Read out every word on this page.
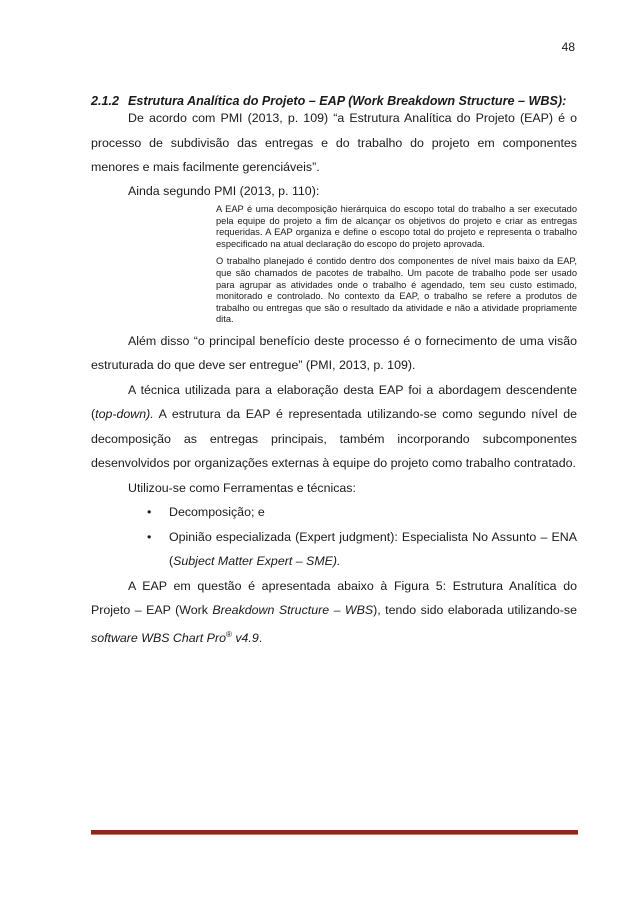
48
2.1.2 Estrutura Analítica do Projeto – EAP (Work Breakdown Structure – WBS):

De acordo com PMI (2013, p. 109) “a Estrutura Analítica do Projeto (EAP) é o processo de subdivisão das entregas e do trabalho do projeto em componentes menores e mais facilmente gerenciáveis”.

Ainda segundo PMI (2013, p. 110):

A EAP é uma decomposição hierárquica do escopo total do trabalho a ser executado pela equipe do projeto a fim de alcançar os objetivos do projeto e criar as entregas requeridas. A EAP organiza e define o escopo total do projeto e representa o trabalho especificado na atual declaração do escopo do projeto aprovada.

O trabalho planejado é contido dentro dos componentes de nível mais baixo da EAP, que são chamados de pacotes de trabalho. Um pacote de trabalho pode ser usado para agrupar as atividades onde o trabalho é agendado, tem seu custo estimado, monitorado e controlado. No contexto da EAP, o trabalho se refere a produtos de trabalho ou entregas que são o resultado da atividade e não a atividade propriamente dita.

Além disso “o principal benefício deste processo é o fornecimento de uma visão estruturada do que deve ser entregue” (PMI, 2013, p. 109).

A técnica utilizada para a elaboração desta EAP foi a abordagem descendente (top-down). A estrutura da EAP é representada utilizando-se como segundo nível de decomposição as entregas principais, também incorporando subcomponentes desenvolvidos por organizações externas à equipe do projeto como trabalho contratado.

Utilizou-se como Ferramentas e técnicas:

• Decomposição; e
• Opinião especializada (Expert judgment): Especialista No Assunto – ENA (Subject Matter Expert – SME).

A EAP em questão é apresentada abaixo à Figura 5: Estrutura Analítica do Projeto – EAP (Work Breakdown Structure – WBS), tendo sido elaborada utilizando-se software WBS Chart Pro® v4.9.
